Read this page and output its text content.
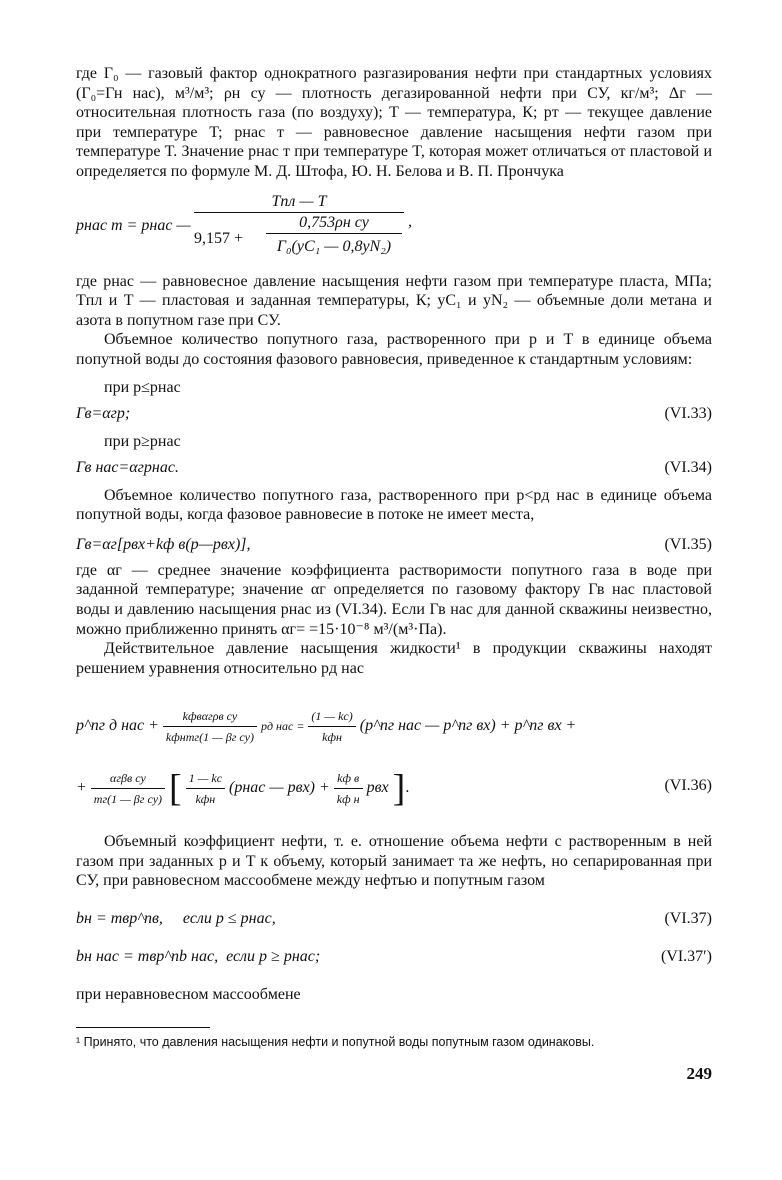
где Г₀ — газовый фактор однократного разгазирования нефти при стандартных условиях (Г₀=Гн нас), м³/м³; ρн су — плотность дегазированной нефти при СУ, кг/м³; Δг — относительная плотность газа (по воздуху); T — температура, К; pт — текущее давление при температуре T; pнас т — равновесное давление насыщения нефти газом при температуре T. Значение pнас т при температуре T, которая может отличаться от пластовой и определяется по формуле М. Д. Штофа, Ю. Н. Белова и В. П. Прончука

pнас т = pнас —
Tпл — T
9,157 +
0,753ρн су
Г₀(yC₁ — 0,8yN₂)
,

где pнас — равновесное давление насыщения нефти газом при температуре пласта, МПа; Tпл и T — пластовая и заданная температуры, К; yC₁ и yN₂ — объемные доли метана и азота в попутном газе при СУ.

Объемное количество попутного газа, растворенного при p и T в единице объема попутной воды до состояния фазового равновесия, приведенное к стандартным условиям:

при p≤pнас
Гв=αгp;	(VI.33)
при p≥pнас
Гв нас=αгpнас.	(VI.34)

Объемное количество попутного газа, растворенного при p<pд нас в единице объема попутной воды, когда фазовое равновесие в потоке не имеет места,

Гв=αг[pвх+kф в(p—pвх)],	(VI.35)

где αг — среднее значение коэффициента растворимости попутного газа в воде при заданной температуре; значение αг определяется по газовому фактору Гв нас пластовой воды и давлению насыщения pнас из (VI.34). Если Гв нас для данной скважины неизвестно, можно приближенно принять αг= =15·10⁻⁸ м³/(м³·Па).

Действительное давление насыщения жидкости¹ в продукции скважины находят решением уравнения относительно pд нас

p^nг д нас + $\frac{\text{kфвαгρв су}}{\text{kфнmг(1 — βг су)}}$ pд нас = $\frac{(1 — kс)}{\text{kфн}}$ (p^nг нас — p^nг вх) + p^nг вх +
+ $\frac{\text{αгβв су}}{\text{mг(1 — βг су)}}$ [ $\frac{1 — kс}{\text{kфн}}$ (pнас — $pвх) + \frac{\text{kф в}}{\text{kф н}}$ pвх ].	(VI.36)

Объемный коэффициент нефти, т. е. отношение объема нефти с растворенным в ней газом при заданных p и T к объему, который занимает та же нефть, но сепарированная при СУ, при равновесном массообмене между нефтью и попутным газом

bн = mвp^nв,     если p ≤ pнас,	(VI.37)
bн нас = mвp^nb нас,  если p ≥ pнас;	(VI.37′)

при неравновесном массообмене

¹ Принято, что давления насыщения нефти и попутной воды попутным газом одинаковы.

249
